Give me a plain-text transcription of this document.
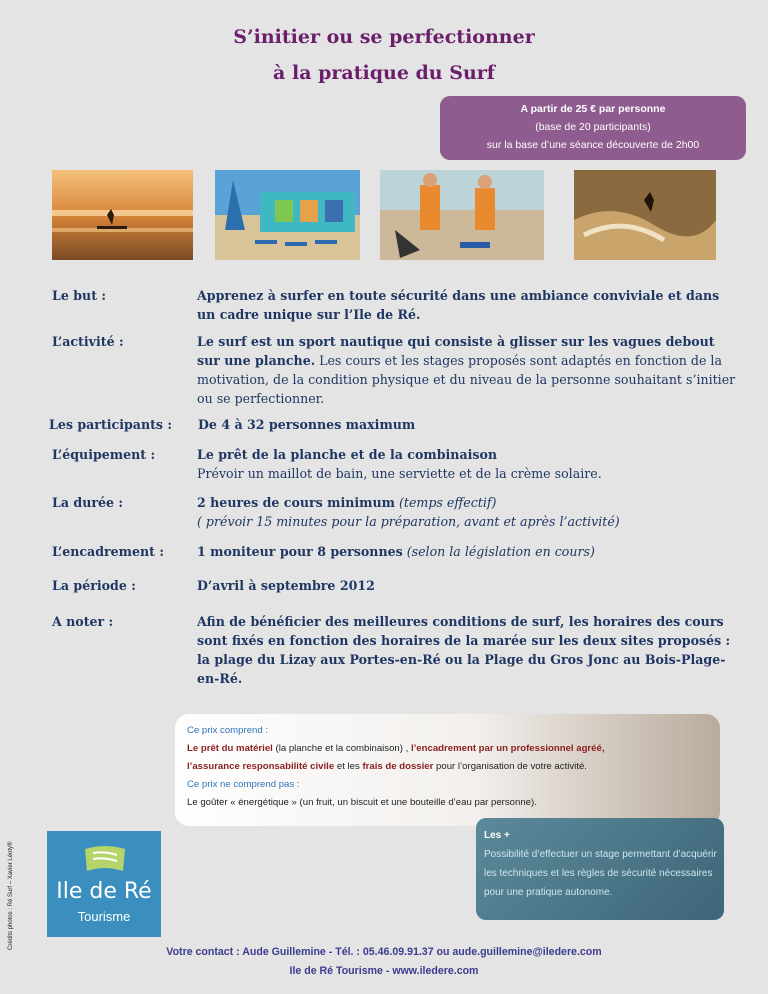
S’initier ou se perfectionner
à la pratique du Surf
A partir de 25 € par personne
(base de 20 participants)
sur la base d’une séance découverte de 2h00
Le but :	Apprenez à surfer en toute sécurité dans une ambiance conviviale et dans un cadre unique sur l’Ile de Ré.
L’activité :	Le surf est un sport nautique qui consiste à glisser sur les vagues debout sur une planche. Les cours et les stages proposés sont adaptés en fonction de la motivation, de la condition physique et du niveau de la personne souhaitant s’initier ou se perfectionner.
Les participants : De 4 à 32 personnes maximum
L’équipement :	Le prêt de la planche et de la combinaison
Prévoir un maillot de bain, une serviette et de la crème solaire.
La durée :	2 heures de cours minimum (temps effectif)
( prévoir 15 minutes pour la préparation, avant et après l’activité)
L’encadrement :	1 moniteur pour 8 personnes (selon la législation en cours)
La période :	D’avril à septembre 2012
A noter :	Afin de bénéficier des meilleures conditions de surf, les horaires des cours sont fixés en fonction des horaires de la marée sur les deux sites proposés : la plage du Lizay aux Portes-en-Ré ou la Plage du Gros Jonc au Bois-Plage-en-Ré.
Ce prix comprend :
Le prêt du matériel (la planche et la combinaison) , l’encadrement par un professionnel agréé,
l’assurance responsabilité civile et les frais de dossier pour l’organisation de votre activité.
Ce prix ne comprend pas :
Le goûter « énergétique » (un fruit, un biscuit et une bouteille d’eau par personne).
Les +
Possibilité d’effectuer un stage permettant d’acquérir les techniques et les règles de sécurité nécessaires pour une pratique autonome.
Crédits photos : Ré Surf – Xavier Léoty®	Ile de Ré
Tourisme
Votre contact : Aude Guillemine - Tél. : 05.46.09.91.37 ou aude.guillemine@iledere.com
Ile de Ré Tourisme - www.iledere.com
